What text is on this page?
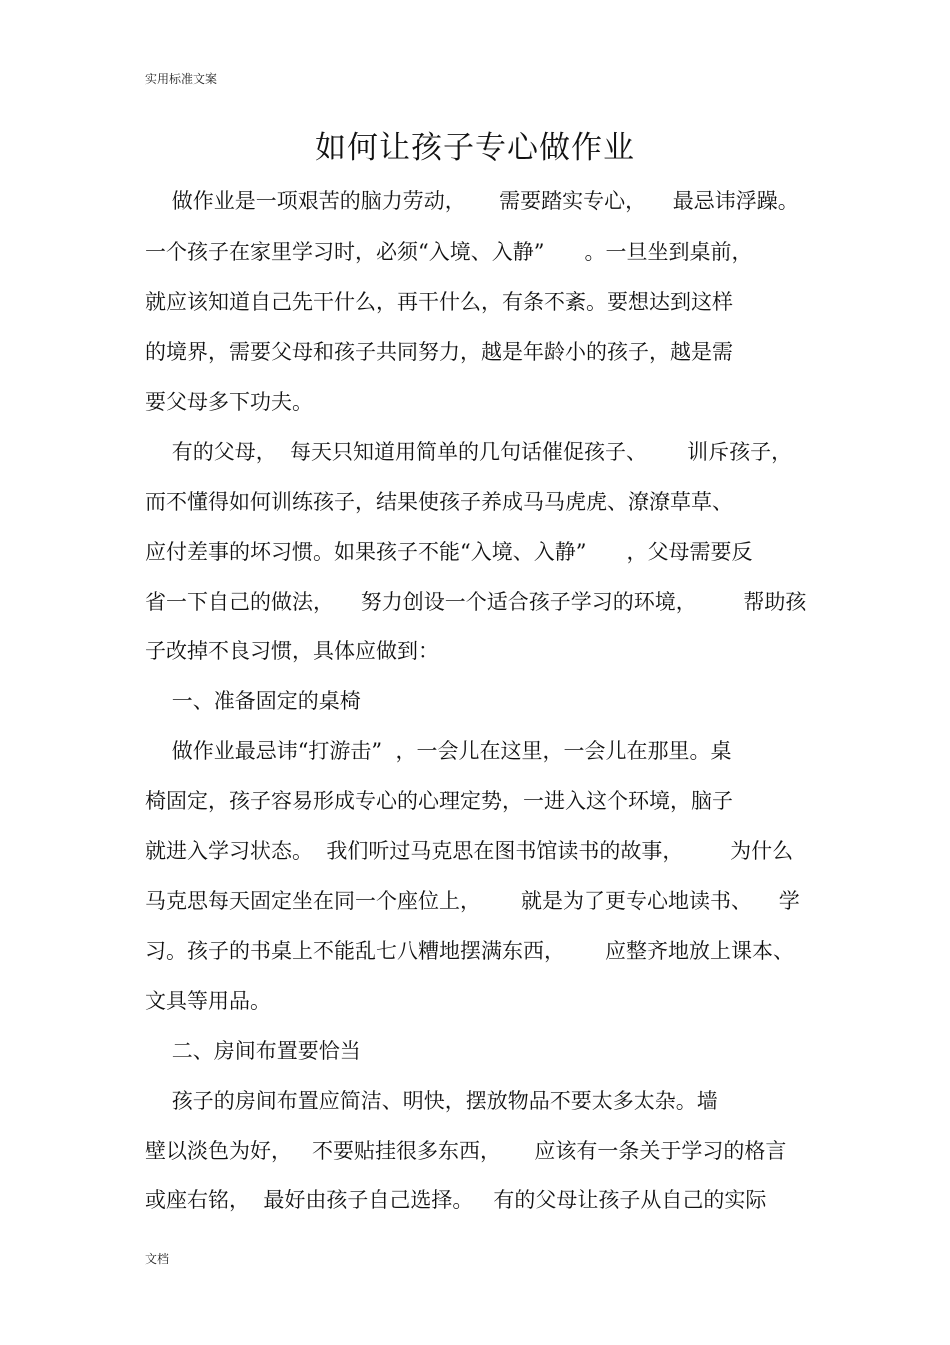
实用标准文案
如何让孩子专心做作业
做作业是一项艰苦的脑力劳动，     需要踏实专心，    最忌讳浮躁。
一个孩子在家里学习时，必须“入境、入静”      。一旦坐到桌前，
就应该知道自己先干什么，再干什么，有条不紊。要想达到这样
的境界，需要父母和孩子共同努力，越是年龄小的孩子，越是需
要父母多下功夫。
有的父母，  每天只知道用简单的几句话催促孩子、      训斥孩子，
而不懂得如何训练孩子，结果使孩子养成马马虎虎、潦潦草草、
应付差事的坏习惯。如果孩子不能“入境、入静”      ，父母需要反
省一下自己的做法，    努力创设一个适合孩子学习的环境，       帮助孩
子改掉不良习惯，具体应做到：
一、准备固定的桌椅
做作业最忌讳“打游击”  ，一会儿在这里，一会儿在那里。桌
椅固定，孩子容易形成专心的心理定势，一进入这个环境，脑子
就进入学习状态。  我们听过马克思在图书馆读书的故事，       为什么
马克思每天固定坐在同一个座位上，      就是为了更专心地读书、    学
习。孩子的书桌上不能乱七八糟地摆满东西，      应整齐地放上课本、
文具等用品。
二、房间布置要恰当
孩子的房间布置应简洁、明快，摆放物品不要太多太杂。墙
壁以淡色为好，   不要贴挂很多东西，     应该有一条关于学习的格言
或座右铭，  最好由孩子自己选择。   有的父母让孩子从自己的实际
文档
